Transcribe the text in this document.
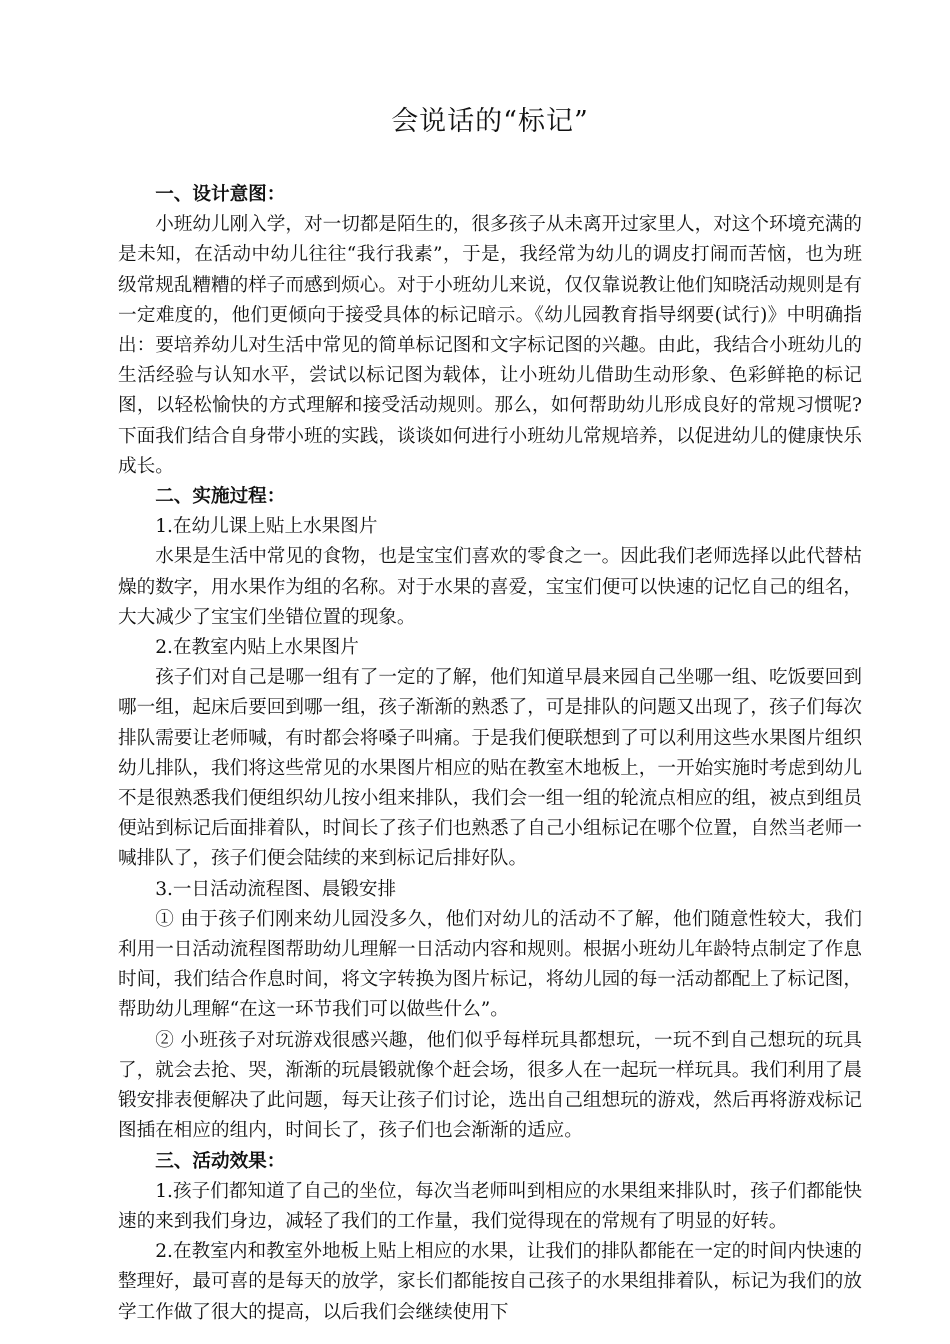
会说话的“标记”
一、设计意图：

小班幼儿刚入学，对一切都是陌生的，很多孩子从未离开过家里人，对这个环境充满的是未知，在活动中幼儿往往“我行我素”，于是，我经常为幼儿的调皮打闹而苦恼，也为班级常规乱糟糟的样子而感到烦心。对于小班幼儿来说，仅仅靠说教让他们知晓活动规则是有一定难度的，他们更倾向于接受具体的标记暗示。《幼儿园教育指导纲要(试行)》中明确指出：要培养幼儿对生活中常见的简单标记图和文字标记图的兴趣。由此，我结合小班幼儿的生活经验与认知水平，尝试以标记图为载体，让小班幼儿借助生动形象、色彩鲜艳的标记图，以轻松愉快的方式理解和接受活动规则。那么，如何帮助幼儿形成良好的常规习惯呢?下面我们结合自身带小班的实践，谈谈如何进行小班幼儿常规培养，以促进幼儿的健康快乐成长。

二、实施过程：
1.在幼儿课上贴上水果图片

水果是生活中常见的食物，也是宝宝们喜欢的零食之一。因此我们老师选择以此代替枯燥的数字，用水果作为组的名称。对于水果的喜爱，宝宝们便可以快速的记忆自己的组名，大大减少了宝宝们坐错位置的现象。

2.在教室内贴上水果图片

孩子们对自己是哪一组有了一定的了解，他们知道早晨来园自己坐哪一组、吃饭要回到哪一组，起床后要回到哪一组，孩子渐渐的熟悉了，可是排队的问题又出现了，孩子们每次排队需要让老师喊，有时都会将嗓子叫痛。于是我们便联想到了可以利用这些水果图片组织幼儿排队，我们将这些常见的水果图片相应的贴在教室木地板上，一开始实施时考虑到幼儿不是很熟悉我们便组织幼儿按小组来排队，我们会一组一组的轮流点相应的组，被点到组员便站到标记后面排着队，时间长了孩子们也熟悉了自己小组标记在哪个位置，自然当老师一喊排队了，孩子们便会陆续的来到标记后排好队。

3.一日活动流程图、晨锻安排

① 由于孩子们刚来幼儿园没多久，他们对幼儿的活动不了解，他们随意性较大，我们利用一日活动流程图帮助幼儿理解一日活动内容和规则。根据小班幼儿年龄特点制定了作息时间，我们结合作息时间，将文字转换为图片标记，将幼儿园的每一活动都配上了标记图，帮助幼儿理解“在这一环节我们可以做些什么”。

② 小班孩子对玩游戏很感兴趣，他们似乎每样玩具都想玩，一玩不到自己想玩的玩具了，就会去抢、哭，渐渐的玩晨锻就像个赶会场，很多人在一起玩一样玩具。我们利用了晨锻安排表便解决了此问题，每天让孩子们讨论，选出自己组想玩的游戏，然后再将游戏标记图插在相应的组内，时间长了，孩子们也会渐渐的适应。

三、活动效果：

1.孩子们都知道了自己的坐位，每次当老师叫到相应的水果组来排队时，孩子们都能快速的来到我们身边，减轻了我们的工作量，我们觉得现在的常规有了明显的好转。

2.在教室内和教室外地板上贴上相应的水果，让我们的排队都能在一定的时间内快速的整理好，最可喜的是每天的放学，家长们都能按自己孩子的水果组排着队，标记为我们的放学工作做了很大的提高，以后我们会继续使用下
